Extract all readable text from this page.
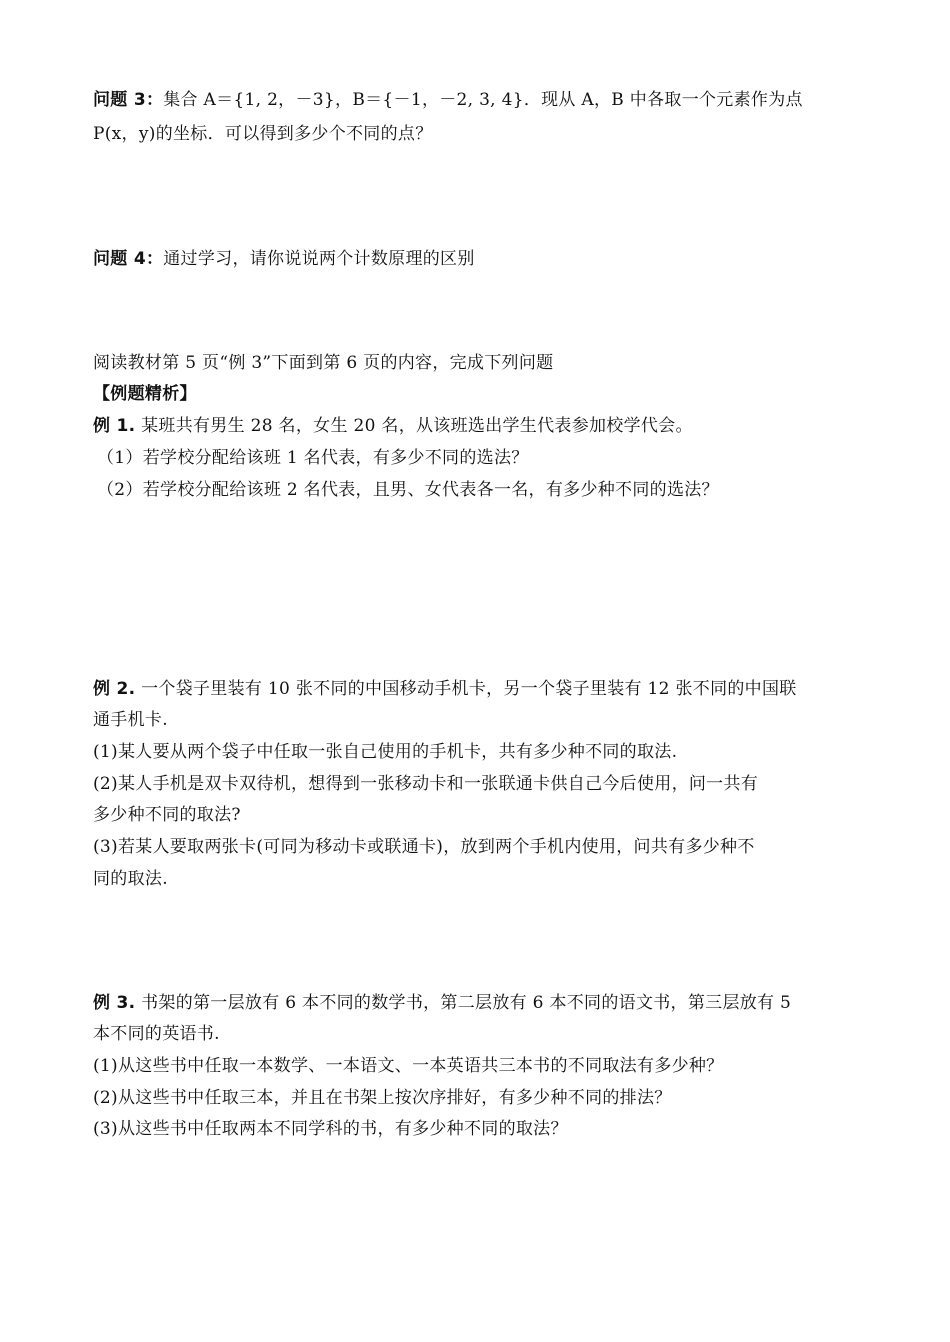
问题 3：集合 A＝{1, 2，－3}，B＝{－1，－2, 3, 4}．现从 A，B 中各取一个元素作为点
P(x，y)的坐标．可以得到多少个不同的点？
问题 4：通过学习，请你说说两个计数原理的区别
阅读教材第 5 页“例 3”下面到第 6 页的内容，完成下列问题
【例题精析】
例 1. 某班共有男生 28 名，女生 20 名，从该班选出学生代表参加校学代会。
（1）若学校分配给该班 1 名代表，有多少不同的选法？
（2）若学校分配给该班 2 名代表，且男、女代表各一名，有多少种不同的选法？
例 2. 一个袋子里装有 10 张不同的中国移动手机卡，另一个袋子里装有 12 张不同的中国联
通手机卡.
(1)某人要从两个袋子中任取一张自己使用的手机卡，共有多少种不同的取法.
(2)某人手机是双卡双待机，想得到一张移动卡和一张联通卡供自己今后使用，问一共有
多少种不同的取法?
(3)若某人要取两张卡(可同为移动卡或联通卡)，放到两个手机内使用，问共有多少种不
同的取法.
例 3. 书架的第一层放有 6 本不同的数学书，第二层放有 6 本不同的语文书，第三层放有 5
本不同的英语书.
(1)从这些书中任取一本数学、一本语文、一本英语共三本书的不同取法有多少种？
(2)从这些书中任取三本，并且在书架上按次序排好，有多少种不同的排法？
(3)从这些书中任取两本不同学科的书，有多少种不同的取法？
